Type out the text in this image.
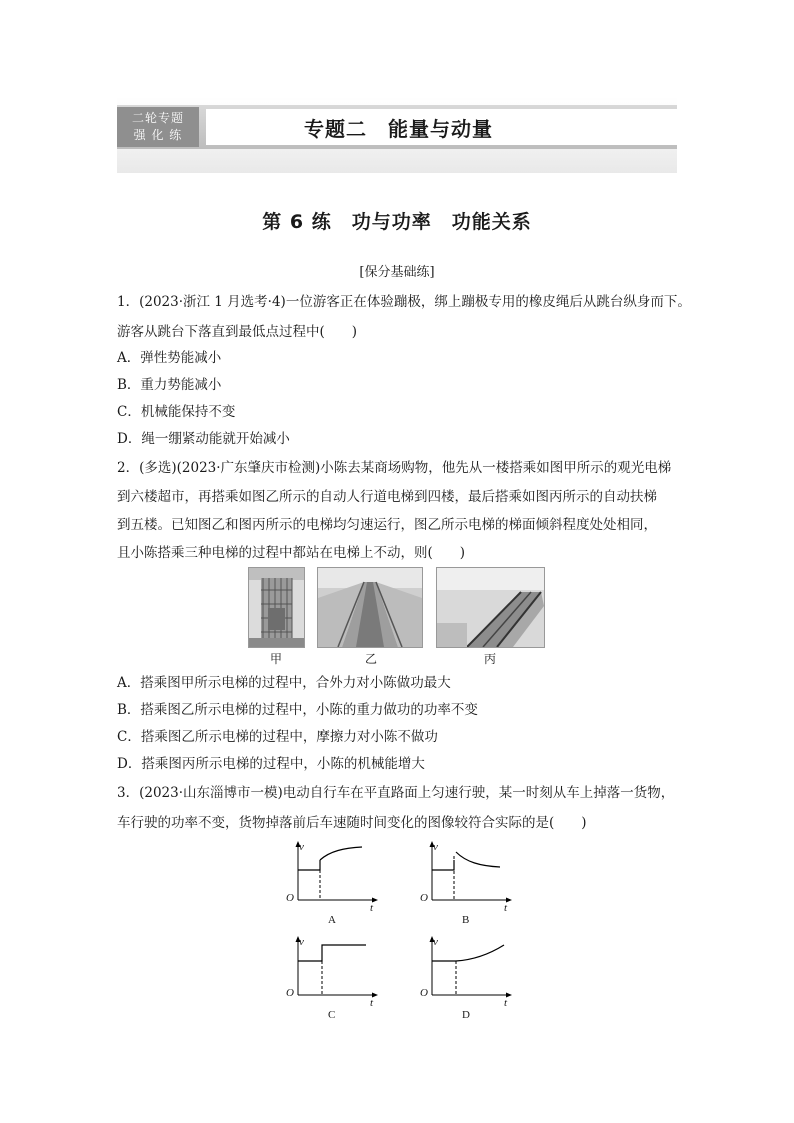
二轮专题
强 化 练	专题二　能量与动量
第 6 练　功与功率　功能关系
[保分基础练]
1．(2023·浙江 1 月选考·4)一位游客正在体验蹦极，绑上蹦极专用的橡皮绳后从跳台纵身而下。
游客从跳台下落直到最低点过程中(　　)
A．弹性势能减小
B．重力势能减小
C．机械能保持不变
D．绳一绷紧动能就开始减小
2．(多选)(2023·广东肇庆市检测)小陈去某商场购物，他先从一楼搭乘如图甲所示的观光电梯
到六楼超市，再搭乘如图乙所示的自动人行道电梯到四楼，最后搭乘如图丙所示的自动扶梯
到五楼。已知图乙和图丙所示的电梯均匀速运行，图乙所示电梯的梯面倾斜程度处处相同，
且小陈搭乘三种电梯的过程中都站在电梯上不动，则(　　)
甲	乙	丙
A．搭乘图甲所示电梯的过程中，合外力对小陈做功最大
B．搭乘图乙所示电梯的过程中，小陈的重力做功的功率不变
C．搭乘图乙所示电梯的过程中，摩擦力对小陈不做功
D．搭乘图丙所示电梯的过程中，小陈的机械能增大
3．(2023·山东淄博市一模)电动自行车在平直路面上匀速行驶，某一时刻从车上掉落一货物，
车行驶的功率不变，货物掉落前后车速随时间变化的图像较符合实际的是(　　)
v
O
t
A
v
O
t
B
v
O
t
C
v
O
t
D
